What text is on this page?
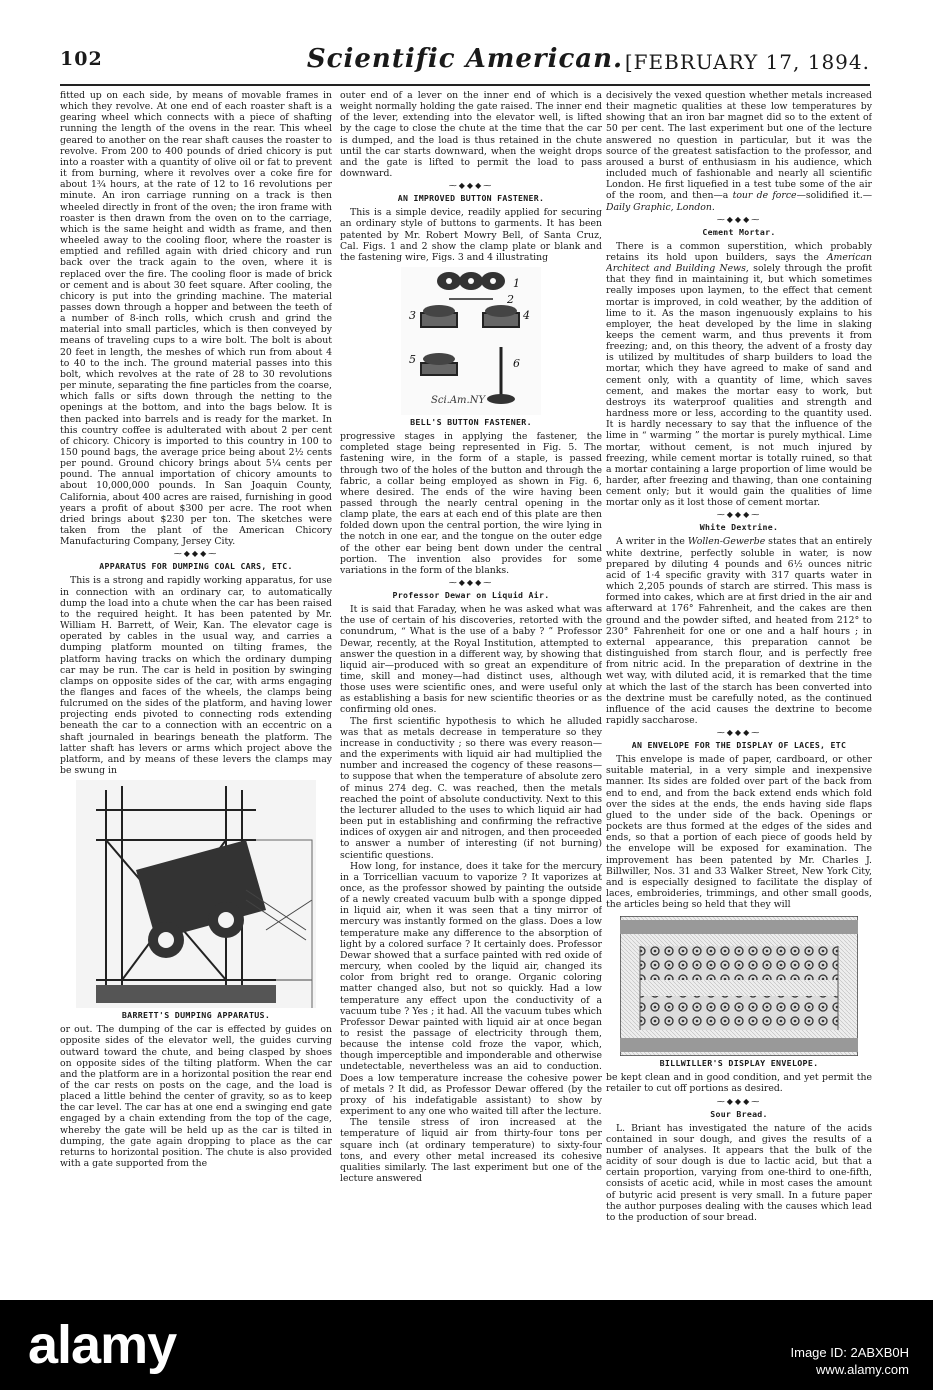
102	Scientific American. [FEBRUARY 17, 1894.

fitted up on each side, by means of movable frames in which they revolve. At one end of each roaster shaft is a gearing wheel which connects with a piece of shafting running the length of the ovens in the rear. This wheel geared to another on the rear shaft causes the roaster to revolve. From 200 to 400 pounds of dried chicory is put into a roaster with a quantity of olive oil or fat to prevent it from burning, where it revolves over a coke fire for about 1¾ hours, at the rate of 12 to 16 revolutions per minute. An iron carriage running on a track is then wheeled directly in front of the oven; the iron frame with roaster is then drawn from the oven on to the carriage, which is the same height and width as frame, and then wheeled away to the cooling floor, where the roaster is emptied and refilled again with dried chicory and run back over the track again to the oven, where it is replaced over the fire. The cooling floor is made of brick or cement and is about 30 feet square. After cooling, the chicory is put into the grinding machine. The material passes down through a hopper and between the teeth of a number of 8-inch rolls, which crush and grind the material into small particles, which is then conveyed by means of traveling cups to a wire bolt. The bolt is about 20 feet in length, the meshes of which run from about 4 to 40 to the inch. The ground material passes into this bolt, which revolves at the rate of 28 to 30 revolutions per minute, separating the fine particles from the coarse, which falls or sifts down through the netting to the openings at the bottom, and into the bags below. It is then packed into barrels and is ready for the market. In this country coffee is adulterated with about 2 per cent of chicory. Chicory is imported to this country in 100 to 150 pound bags, the average price being about 2½ cents per pound. Ground chicory brings about 5¼ cents per pound. The annual importation of chicory amounts to about 10,000,000 pounds. In San Joaquin County, California, about 400 acres are raised, furnishing in good years a profit of about $300 per acre. The root when dried brings about $230 per ton. The sketches were taken from the plant of the American Chicory Manufacturing Company, Jersey City.

⁓◆◆◆⁓
APPARATUS FOR DUMPING COAL CARS, ETC.

This is a strong and rapidly working apparatus, for use in connection with an ordinary car, to automatically dump the load into a chute when the car has been raised to the required height. It has been patented by Mr. William H. Barrett, of Weir, Kan. The elevator cage is operated by cables in the usual way, and carries a dumping platform mounted on tilting frames, the platform having tracks on which the ordinary dumping car may be run. The car is held in position by swinging clamps on opposite sides of the car, with arms engaging the flanges and faces of the wheels, the clamps being fulcrumed on the sides of the platform, and having lower projecting ends pivoted to connecting rods extending beneath the car to a connection with an eccentric on a shaft journaled in bearings beneath the platform. The latter shaft has levers or arms which project above the platform, and by means of these levers the clamps may be swung in

BARRETT'S DUMPING APPARATUS.

or out. The dumping of the car is effected by guides on opposite sides of the elevator well, the guides curving outward toward the chute, and being clasped by shoes on opposite sides of the tilting platform. When the car and the platform are in a horizontal position the rear end of the car rests on posts on the cage, and the load is placed a little behind the center of gravity, so as to keep the car level. The car has at one end a swinging end gate engaged by a chain extending from the top of the cage, whereby the gate will be held up as the car is tilted in dumping, the gate again dropping to place as the car returns to horizontal position. The chute is also provided with a gate supported from the

outer end of a lever on the inner end of which is a weight normally holding the gate raised. The inner end of the lever, extending into the elevator well, is lifted by the cage to close the chute at the time that the car is dumped, and the load is thus retained in the chute until the car starts downward, when the weight drops and the gate is lifted to permit the load to pass downward.

⁓◆◆◆⁓
AN IMPROVED BUTTON FASTENER.

This is a simple device, readily applied for securing an ordinary style of buttons to garments. It has been patented by Mr. Robert Mowry Bell, of Santa Cruz, Cal. Figs. 1 and 2 show the clamp plate or blank and the fastening wire, Figs. 3 and 4 illustrating

Sci.Am.NY
1
2
3	4
5	6
BELL'S BUTTON FASTENER.

progressive stages in applying the fastener, the completed stage being represented in Fig. 5. The fastening wire, in the form of a staple, is passed through two of the holes of the button and through the fabric, a collar being employed as shown in Fig. 6, where desired. The ends of the wire having been passed through the nearly central opening in the clamp plate, the ears at each end of this plate are then folded down upon the central portion, the wire lying in the notch in one ear, and the tongue on the outer edge of the other ear being bent down under the central portion. The invention also provides for some variations in the form of the blanks.

⁓◆◆◆⁓
Professor Dewar on Liquid Air.

It is said that Faraday, when he was asked what was the use of certain of his discoveries, retorted with the conundrum, “ What is the use of a baby ? ” Professor Dewar, recently, at the Royal Institution, attempted to answer the question in a different way, by showing that liquid air—produced with so great an expenditure of time, skill and money—had distinct uses, although those uses were scientific ones, and were useful only as establishing a basis for new scientific theories or as confirming old ones.

The first scientific hypothesis to which he alluded was that as metals decrease in temperature so they increase in conductivity ; so there was every reason—and the experiments with liquid air had multiplied the number and increased the cogency of these reasons—to suppose that when the temperature of absolute zero of minus 274 deg. C. was reached, then the metals reached the point of absolute conductivity. Next to this the lecturer alluded to the uses to which liquid air had been put in establishing and confirming the refractive indices of oxygen air and nitrogen, and then proceeded to answer a number of interesting (if not burning) scientific questions.

How long, for instance, does it take for the mercury in a Torricellian vacuum to vaporize ? It vaporizes at once, as the professor showed by painting the outside of a newly created vacuum bulb with a sponge dipped in liquid air, when it was seen that a tiny mirror of mercury was instantly formed on the glass. Does a low temperature make any difference to the absorption of light by a colored surface ? It certainly does. Professor Dewar showed that a surface painted with red oxide of mercury, when cooled by the liquid air, changed its color from bright red to orange. Organic coloring matter changed also, but not so quickly. Had a low temperature any effect upon the conductivity of a vacuum tube ? Yes ; it had. All the vacuum tubes which Professor Dewar painted with liquid air at once began to resist the passage of electricity through them, because the intense cold froze the vapor, which, though imperceptible and imponderable and otherwise undetectable, nevertheless was an aid to conduction. Does a low temperature increase the cohesive power of metals ? It did, as Professor Dewar offered (by the proxy of his indefatigable assistant) to show by experiment to any one who waited till after the lecture.

The tensile stress of iron increased at the temperature of liquid air from thirty-four tons per square inch (at ordinary temperature) to sixty-four tons, and every other metal increased its cohesive qualities similarly. The last experiment but one of the lecture answered

decisively the vexed question whether metals increased their magnetic qualities at these low temperatures by showing that an iron bar magnet did so to the extent of 50 per cent. The last experiment but one of the lecture answered no question in particular, but it was the source of the greatest satisfaction to the professor, and aroused a burst of enthusiasm in his audience, which included much of fashionable and nearly all scientific London. He first liquefied in a test tube some of the air of the room, and then—a tour de force—solidified it.—Daily Graphic, London.

⁓◆◆◆⁓
Cement Mortar.

There is a common superstition, which probably retains its hold upon builders, says the American Architect and Building News, solely through the profit that they find in maintaining it, but which sometimes really imposes upon laymen, to the effect that cement mortar is improved, in cold weather, by the addition of lime to it. As the mason ingenuously explains to his employer, the heat developed by the lime in slaking keeps the cement warm, and thus prevents it from freezing; and, on this theory, the advent of a frosty day is utilized by multitudes of sharp builders to load the mortar, which they have agreed to make of sand and cement only, with a quantity of lime, which saves cement, and makes the mortar easy to work, but destroys its waterproof qualities and strength and hardness more or less, according to the quantity used. It is hardly necessary to say that the influence of the lime in “ warming ” the mortar is purely mythical. Lime mortar, without cement, is not much injured by freezing, while cement mortar is totally ruined, so that a mortar containing a large proportion of lime would be harder, after freezing and thawing, than one containing cement only; but it would gain the qualities of lime mortar only as it lost those of cement mortar.

⁓◆◆◆⁓
White Dextrine.

A writer in the Wollen-Gewerbe states that an entirely white dextrine, perfectly soluble in water, is now prepared by diluting 4 pounds and 6½ ounces nitric acid of 1·4 specific gravity with 317 quarts water in which 2,205 pounds of starch are stirred. This mass is formed into cakes, which are at first dried in the air and afterward at 176° Fahrenheit, and the cakes are then ground and the powder sifted, and heated from 212° to 230° Fahrenheit for one or one and a half hours ; in external appearance, this preparation cannot be distinguished from starch flour, and is perfectly free from nitric acid. In the preparation of dextrine in the wet way, with diluted acid, it is remarked that the time at which the last of the starch has been converted into the dextrine must be carefully noted, as the continued influence of the acid causes the dextrine to become rapidly saccharose.

⁓◆◆◆⁓
AN ENVELOPE FOR THE DISPLAY OF LACES, ETC

This envelope is made of paper, cardboard, or other suitable material, in a very simple and inexpensive manner. Its sides are folded over part of the back from end to end, and from the back extend ends which fold over the sides at the ends, the ends having side flaps glued to the under side of the back. Openings or pockets are thus formed at the edges of the sides and ends, so that a portion of each piece of goods held by the envelope will be exposed for examination. The improvement has been patented by Mr. Charles J. Billwiller, Nos. 31 and 33 Walker Street, New York City, and is especially designed to facilitate the display of laces, embroideries, trimmings, and other small goods, the articles being so held that they will

BILLWILLER'S DISPLAY ENVELOPE.

be kept clean and in good condition, and yet permit the retailer to cut off portions as desired.

⁓◆◆◆⁓
Sour Bread.

L. Briant has investigated the nature of the acids contained in sour dough, and gives the results of a number of analyses. It appears that the bulk of the acidity of sour dough is due to lactic acid, but that a certain proportion, varying from one-third to one-fifth, consists of acetic acid, while in most cases the amount of butyric acid present is very small. In a future paper the author purposes dealing with the causes which lead to the production of sour bread.

alamy	Image ID: 2ABXB0H
www.alamy.com
